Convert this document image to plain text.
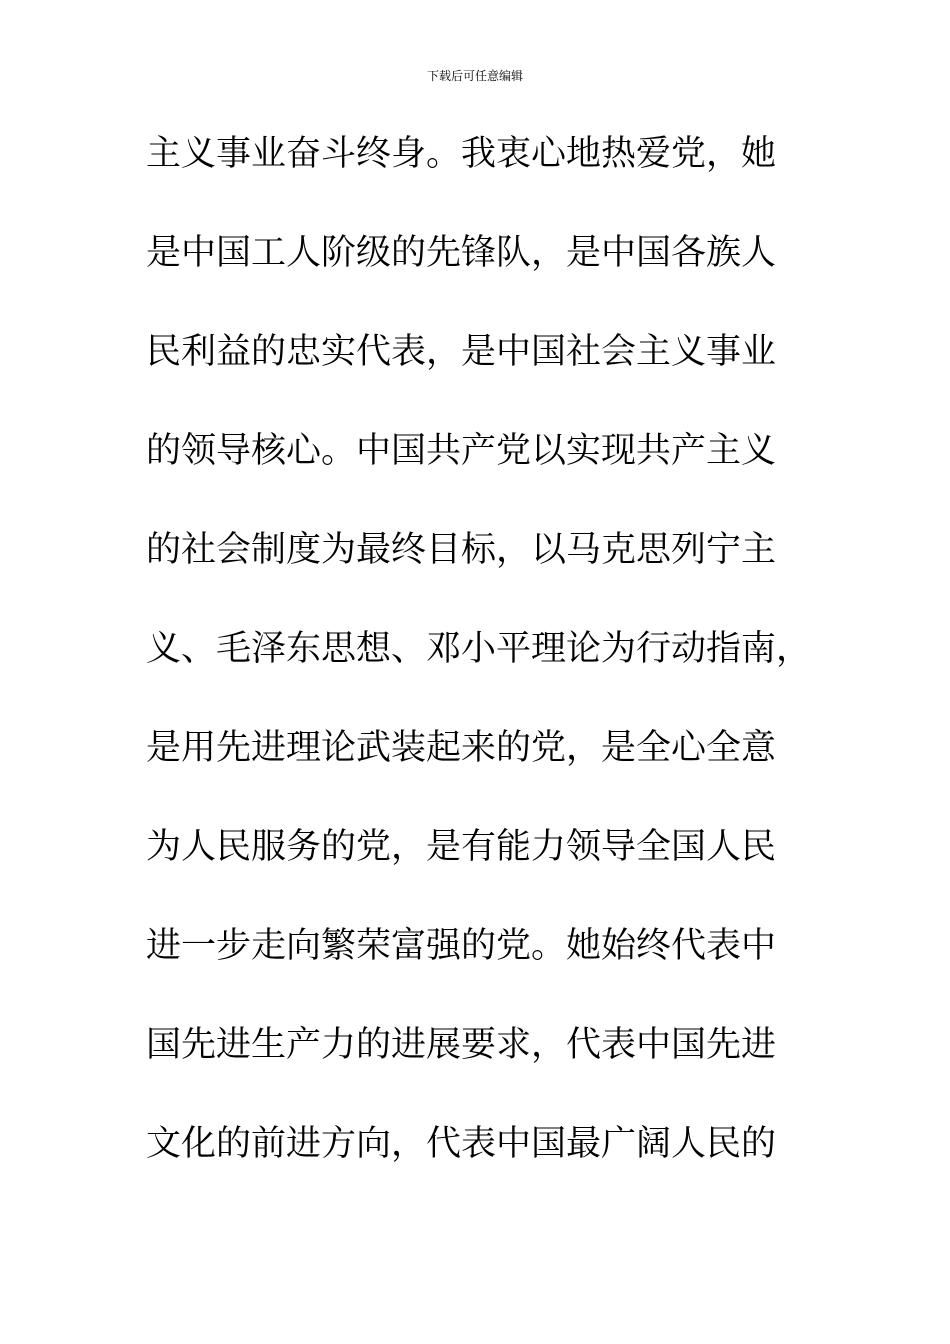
下载后可任意编辑
主义事业奋斗终身。我衷心地热爱党，她
是中国工人阶级的先锋队，是中国各族人
民利益的忠实代表，是中国社会主义事业
的领导核心。中国共产党以实现共产主义
的社会制度为最终目标，以马克思列宁主
义、毛泽东思想、邓小平理论为行动指南，
是用先进理论武装起来的党，是全心全意
为人民服务的党，是有能力领导全国人民
进一步走向繁荣富强的党。她始终代表中
国先进生产力的进展要求，代表中国先进
文化的前进方向，代表中国最广阔人民的
